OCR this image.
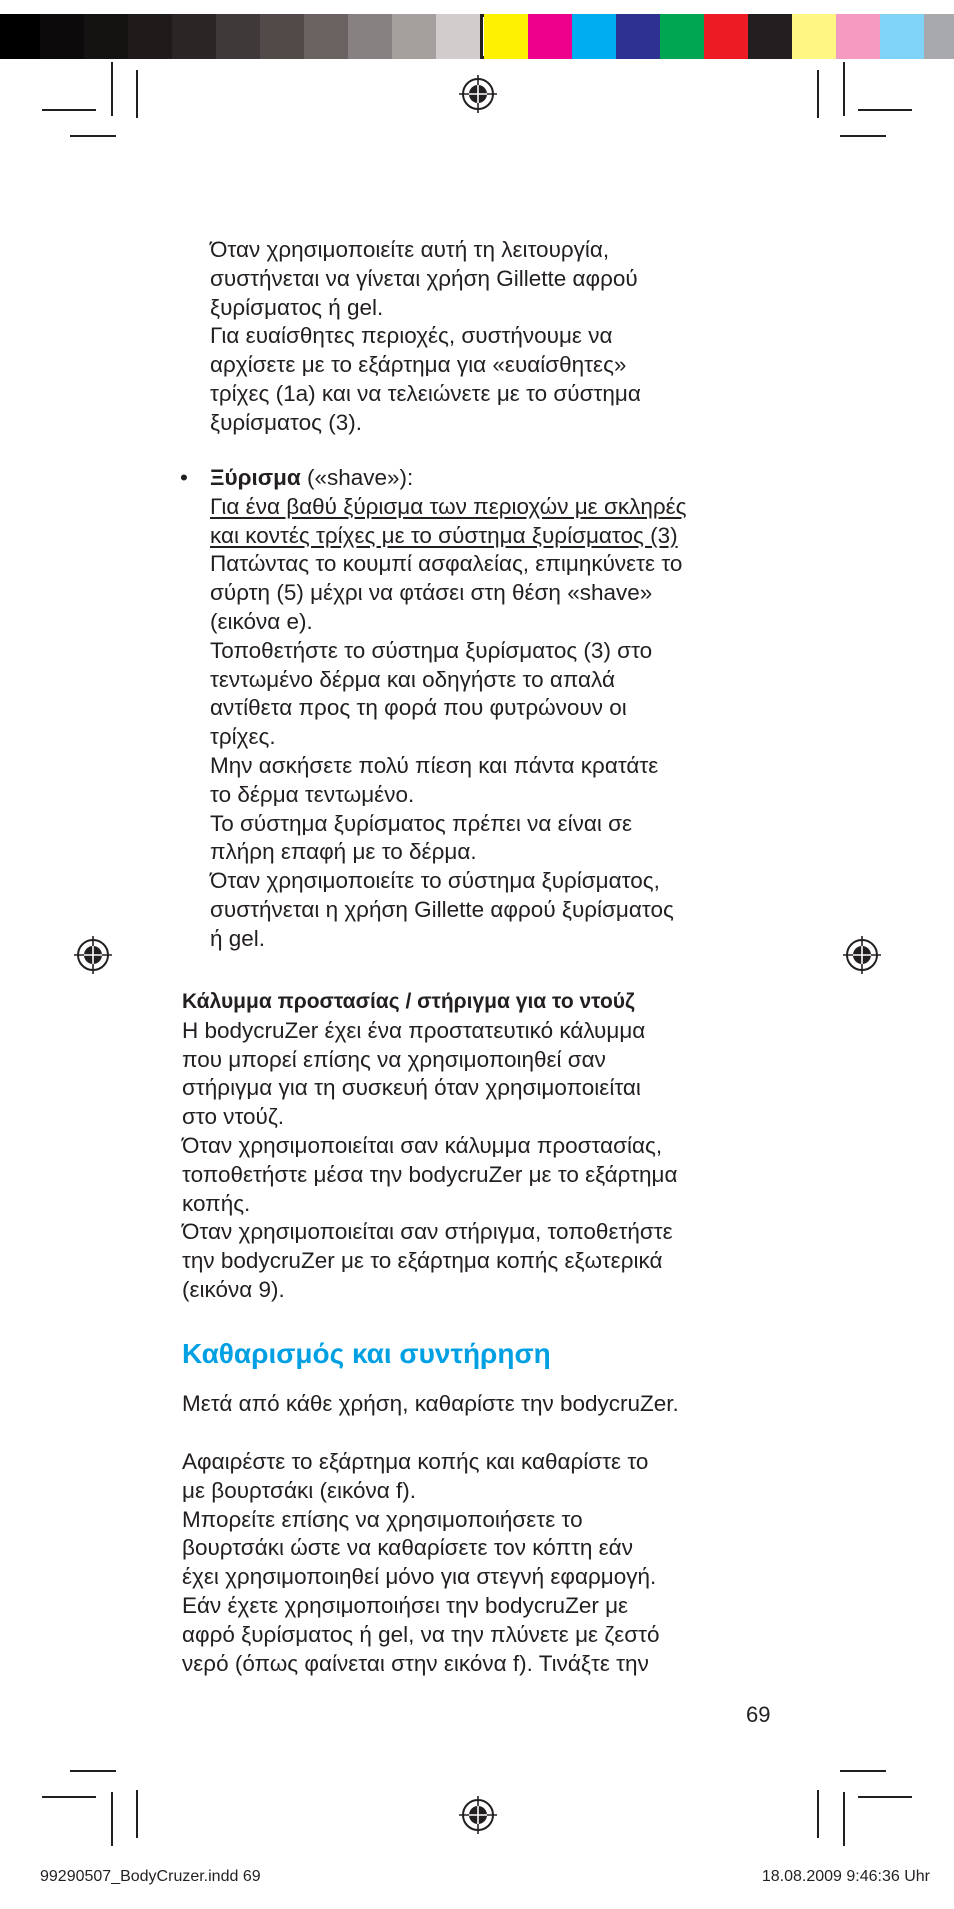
Όταν χρησιμοποιείτε αυτή τη λειτουργία,

συστήνεται να γίνεται χρήση Gillette αφρού

ξυρίσματος ή gel.

Για ευαίσθητες περιοχές, συστήνουμε να

αρχίσετε με το εξάρτημα για «ευαίσθητες»

τρίχες (1a) και να τελειώνετε με το σύστημα

ξυρίσματος (3).

• Ξύρισμα («shave»):

Για ένα βαθύ ξύρισμα των περιοχών με σκληρές

και κοντές τρίχες με το σύστημα ξυρίσματος (3)

Πατώντας το κουμπί ασφαλείας, επιμηκύνετε το

σύρτη (5) μέχρι να φτάσει στη θέση «shave»

(εικόνα e).

Τοποθετήστε το σύστημα ξυρίσματος (3) στο

τεντωμένο δέρμα και οδηγήστε το απαλά

αντίθετα προς τη φορά που φυτρώνουν οι

τρίχες.

Μην ασκήσετε πολύ πίεση και πάντα κρατάτε

το δέρμα τεντωμένο.

Το σύστημα ξυρίσματος πρέπει να είναι σε

πλήρη επαφή με το δέρμα.

Όταν χρησιμοποιείτε το σύστημα ξυρίσματος,

συστήνεται η χρήση Gillette αφρού ξυρίσματος

ή gel.

Κάλυμμα προστασίας / στήριγμα για το ντούζ

Η bodycruZer έχει ένα προστατευτικό κάλυμμα

που μπορεί επίσης να χρησιμοποιηθεί σαν

στήριγμα για τη συσκευή όταν χρησιμοποιείται

στο ντούζ.

Όταν χρησιμοποιείται σαν κάλυμμα προστασίας,

τοποθετήστε μέσα την bodycruZer με το εξάρτημα

κοπής.

Όταν χρησιμοποιείται σαν στήριγμα, τοποθετήστε

την bodycruZer με το εξάρτημα κοπής εξωτερικά

(εικόνα 9).

Καθαρισμός και συντήρηση

Μετά από κάθε χρήση, καθαρίστε την bodycruZer.

Αφαιρέστε το εξάρτημα κοπής και καθαρίστε το

με βουρτσάκι (εικόνα f).

Μπορείτε επίσης να χρησιμοποιήσετε το

βουρτσάκι ώστε να καθαρίσετε τον κόπτη εάν

έχει χρησιμοποιηθεί μόνο για στεγνή εφαρμογή.

Εάν έχετε χρησιμοποιήσει την bodycruZer με

αφρό ξυρίσματος ή gel, να την πλύνετε με ζεστό

νερό (όπως φαίνεται στην εικόνα f). Τινάξτε την

69
99290507_BodyCruzer.indd 69	18.08.2009 9:46:36 Uhr
